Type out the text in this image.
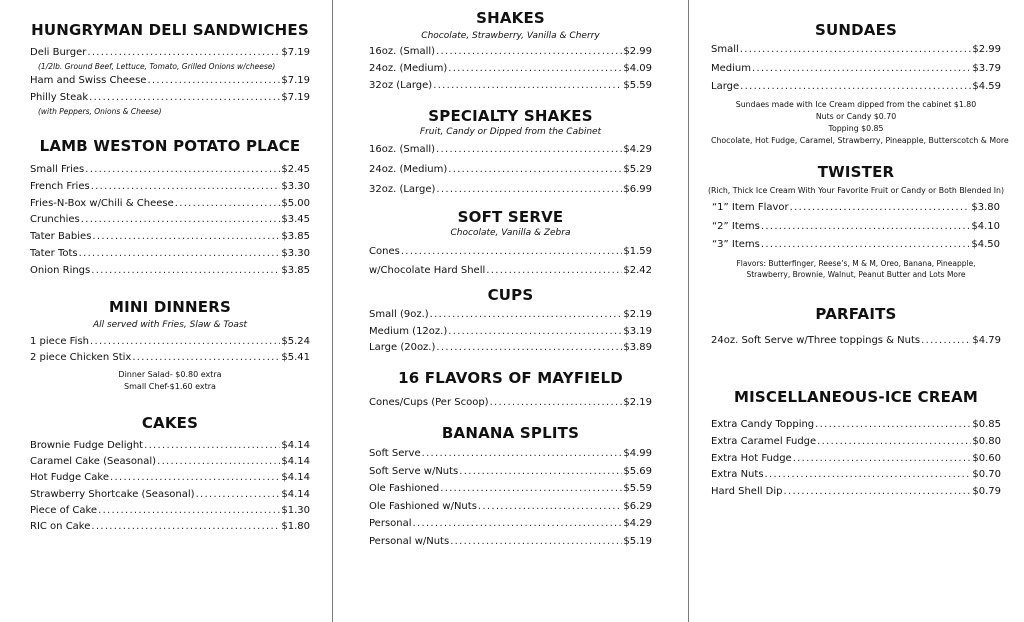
HUNGRYMAN DELI SANDWICHES
Deli Burger .....	$7.19
(1/2lb. Ground Beef, Lettuce, Tomato, Grilled Onions w/cheese)
Ham and Swiss Cheese .....	$7.19
Philly Steak .....	$7.19
(with Peppers, Onions & Cheese)
LAMB WESTON POTATO PLACE
Small Fries .....	$2.45
French Fries .....	$3.30
Fries-N-Box w/Chili & Cheese .....	$5.00
Crunchies .....	$3.45
Tater Babies .....	$3.85
Tater Tots .....	$3.30
Onion Rings .....	$3.85
MINI DINNERS
All served with Fries, Slaw & Toast
1 piece Fish .....	$5.24
2 piece Chicken Stix .....	$5.41
Dinner Salad- $0.80 extra
Small Chef-$1.60 extra
CAKES
Brownie Fudge Delight .....	$4.14
Caramel Cake (Seasonal) .....	$4.14
Hot Fudge Cake .....	$4.14
Strawberry Shortcake (Seasonal) .....	$4.14
Piece of Cake .....	$1.30
RIC on Cake .....	$1.80
SHAKES
Chocolate, Strawberry, Vanilla & Cherry
16oz. (Small) .....	$2.99
24oz. (Medium) .....	$4.09
32oz (Large) .....	$5.59
SPECIALTY SHAKES
Fruit, Candy or Dipped from the Cabinet
16oz. (Small) .....	$4.29
24oz. (Medium) .....	$5.29
32oz. (Large) .....	$6.99
SOFT SERVE
Chocolate, Vanilla & Zebra
Cones .....	$1.59
w/Chocolate Hard Shell .....	$2.42
CUPS
Small (9oz.) .....	$2.19
Medium (12oz.) .....	$3.19
Large (20oz.) .....	$3.89
16 FLAVORS OF MAYFIELD
Cones/Cups (Per Scoop) .....	$2.19
BANANA SPLITS
Soft Serve .....	$4.99
Soft Serve w/Nuts .....	$5.69
Ole Fashioned .....	$5.59
Ole Fashioned w/Nuts .....	$6.29
Personal .....	$4.29
Personal w/Nuts .....	$5.19
SUNDAES
Small .....	$2.99
Medium .....	$3.79
Large .....	$4.59
Sundaes made with Ice Cream dipped from the cabinet $1.80
Nuts or Candy $0.70
Topping $0.85
Chocolate, Hot Fudge, Caramel, Strawberry, Pineapple, Butterscotch & More
TWISTER
(Rich, Thick Ice Cream With Your Favorite Fruit or Candy or Both Blended In)
“1” Item Flavor .....	$3.80
“2” Items .....	$4.10
“3” Items .....	$4.50
Flavors: Butterfinger, Reese’s, M & M, Oreo, Banana, Pineapple,
Strawberry, Brownie, Walnut, Peanut Butter and Lots More
PARFAITS
24oz. Soft Serve w/Three toppings & Nuts .....	$4.79
MISCELLANEOUS-ICE CREAM
Extra Candy Topping .....	$0.85
Extra Caramel Fudge .....	$0.80
Extra Hot Fudge .....	$0.60
Extra Nuts .....	$0.70
Hard Shell Dip .....	$0.79
